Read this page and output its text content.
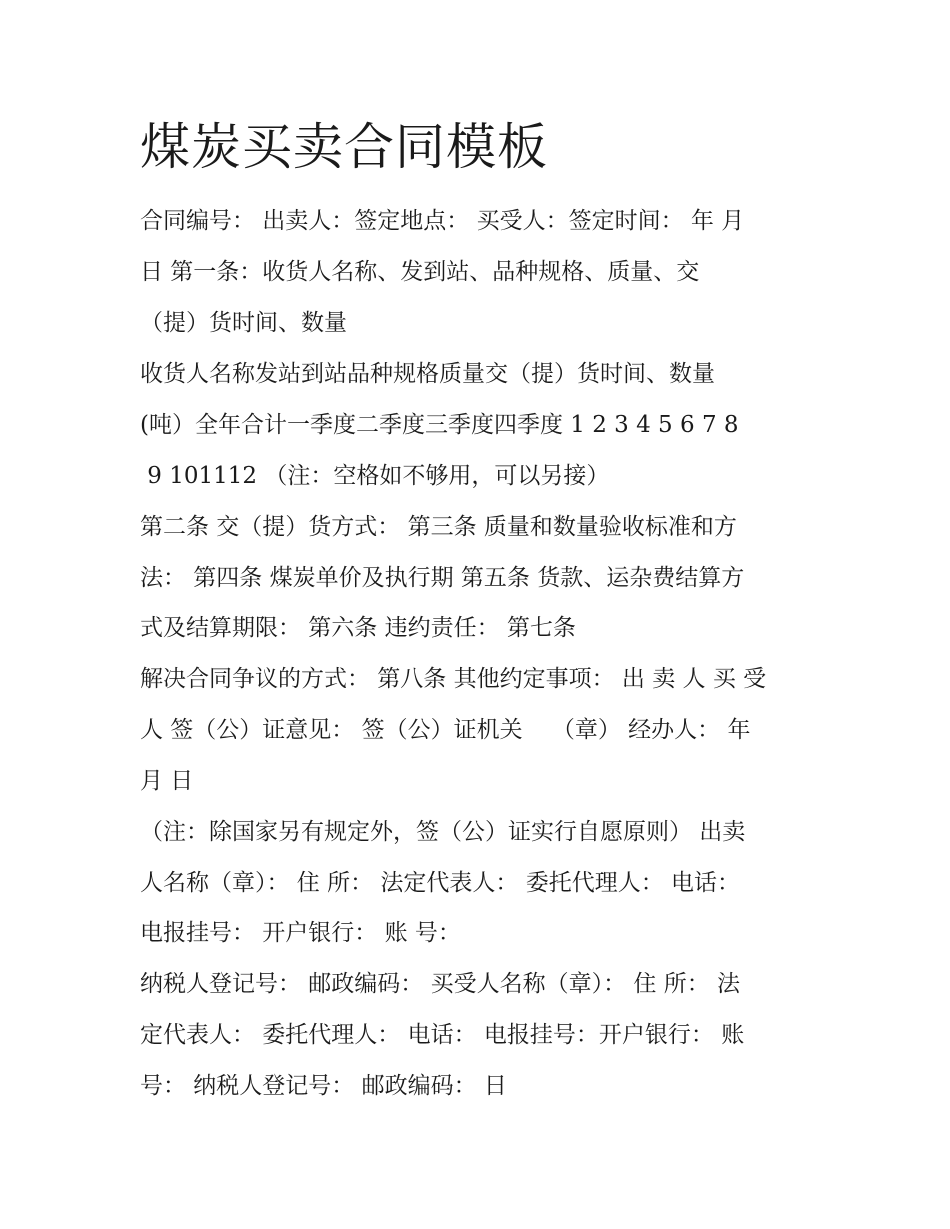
煤炭买卖合同模板

合同编号： 出卖人：签定地点： 买受人：签定时间： 年 月

日 第一条：收货人名称、发到站、品种规格、质量、交

（提）货时间、数量

收货人名称发站到站品种规格质量交（提）货时间、数量

(吨）全年合计一季度二季度三季度四季度 1 2 3 4 5 6 7 8

9 101112 （注：空格如不够用，可以另接）

第二条 交（提）货方式： 第三条 质量和数量验收标准和方

法： 第四条 煤炭单价及执行期 第五条 货款、运杂费结算方

式及结算期限： 第六条 违约责任： 第七条

解决合同争议的方式： 第八条 其他约定事项： 出 卖 人 买 受

人 签（公）证意见： 签（公）证机关    （章） 经办人： 年

月 日

（注：除国家另有规定外，签（公）证实行自愿原则） 出卖

人名称（章）： 住 所： 法定代表人： 委托代理人： 电话：

电报挂号： 开户银行： 账 号：

纳税人登记号： 邮政编码： 买受人名称（章）： 住 所： 法

定代表人： 委托代理人： 电话： 电报挂号：开户银行： 账

号： 纳税人登记号： 邮政编码： 日
